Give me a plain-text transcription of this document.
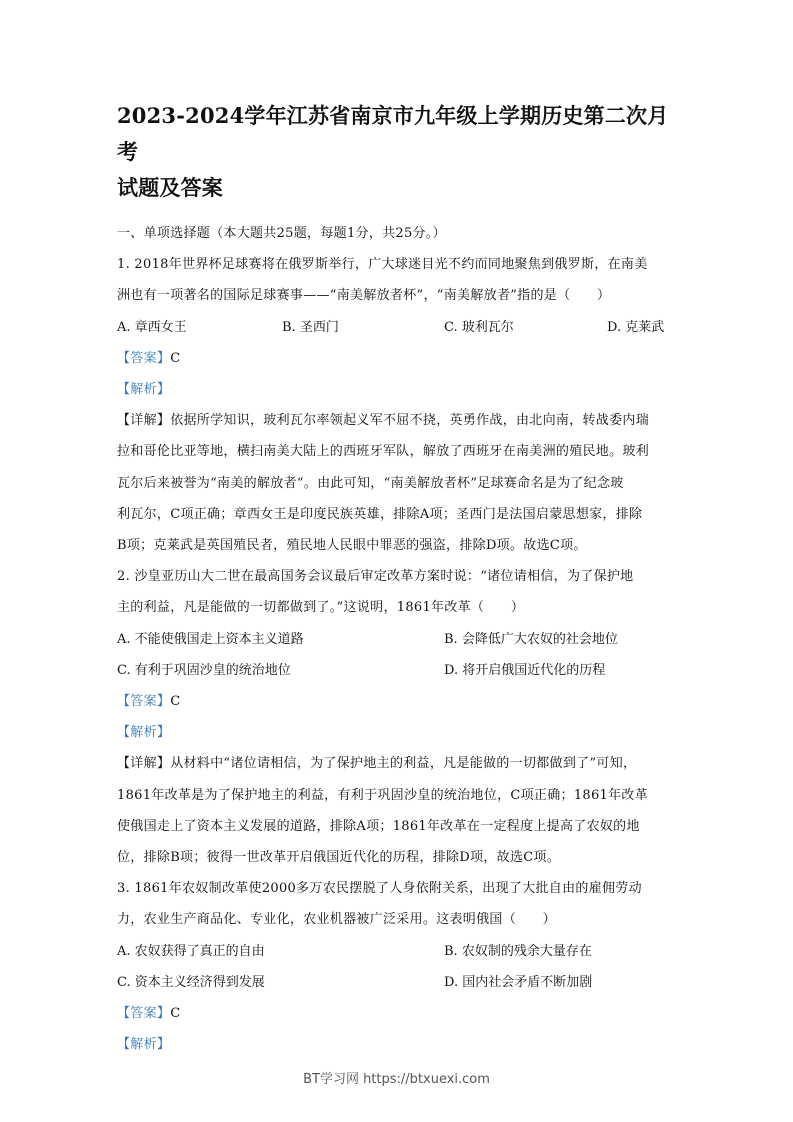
2023-2024学年江苏省南京市九年级上学期历史第二次月考
试题及答案
一、单项选择题（本大题共25题，每题1分，共25分。）
1. 2018年世界杯足球赛将在俄罗斯举行，广大球迷目光不约而同地聚焦到俄罗斯，在南美
洲也有一项著名的国际足球赛事——“南美解放者杯”，“南美解放者”指的是（　　）
A. 章西女王	B. 圣西门	C. 玻利瓦尔	D. 克莱武
【答案】C
【解析】
【详解】依据所学知识，玻利瓦尔率领起义军不屈不挠，英勇作战，由北向南，转战委内瑞
拉和哥伦比亚等地，横扫南美大陆上的西班牙军队，解放了西班牙在南美洲的殖民地。玻利
瓦尔后来被誉为“南美的解放者”。由此可知，“南美解放者杯”足球赛命名是为了纪念玻
利瓦尔，C项正确；章西女王是印度民族英雄，排除A项；圣西门是法国启蒙思想家，排除
B项；克莱武是英国殖民者，殖民地人民眼中罪恶的强盗，排除D项。故选C项。
2. 沙皇亚历山大二世在最高国务会议最后审定改革方案时说：“诸位请相信，为了保护地
主的利益，凡是能做的一切都做到了。”这说明，1861年改革（　　）
A. 不能使俄国走上资本主义道路	B. 会降低广大农奴的社会地位
C. 有利于巩固沙皇的统治地位	D. 将开启俄国近代化的历程
【答案】C
【解析】
【详解】从材料中“诸位请相信，为了保护地主的利益，凡是能做的一切都做到了”可知，
1861年改革是为了保护地主的利益，有利于巩固沙皇的统治地位，C项正确；1861年改革
使俄国走上了资本主义发展的道路，排除A项；1861年改革在一定程度上提高了农奴的地
位，排除B项；彼得一世改革开启俄国近代化的历程，排除D项，故选C项。
3. 1861年农奴制改革使2000多万农民摆脱了人身依附关系，出现了大批自由的雇佣劳动
力，农业生产商品化、专业化，农业机器被广泛采用。这表明俄国（　　）
A. 农奴获得了真正的自由	B. 农奴制的残余大量存在
C. 资本主义经济得到发展	D. 国内社会矛盾不断加剧
【答案】C
【解析】
BT学习网 https://btxuexi.com
